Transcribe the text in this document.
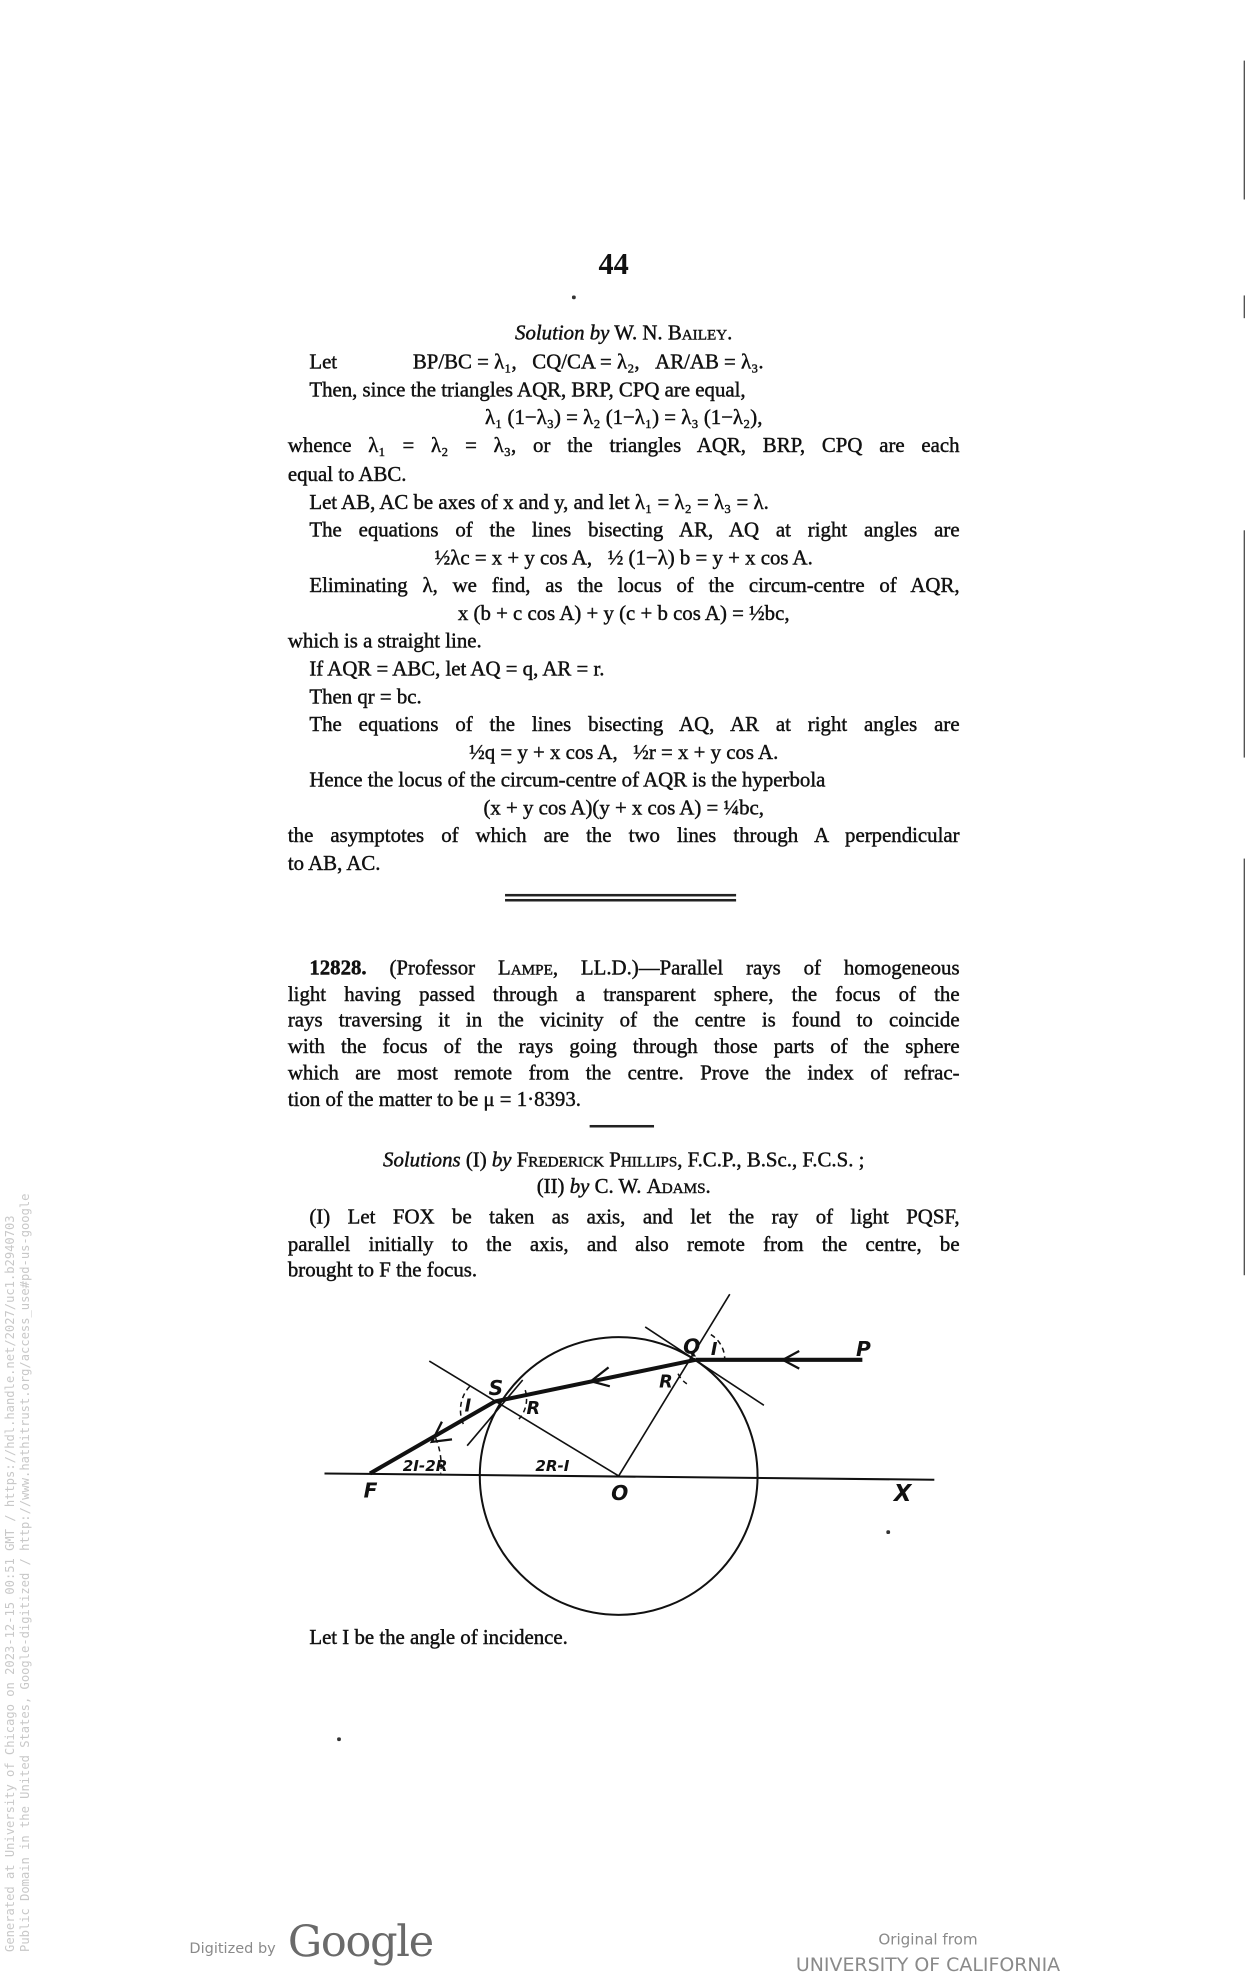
44
Solution by W. N. Bailey.
Let	BP/BC = λ₁,   CQ/CA = λ₂,   AR/AB = λ₃.
Then, since the triangles AQR, BRP, CPQ are equal,
λ₁ (1−λ₃) = λ₂ (1−λ₁) = λ₃ (1−λ₂),
whence λ₁ = λ₂ = λ₃, or the triangles AQR, BRP, CPQ are each
equal to ABC.
Let AB, AC be axes of x and y, and let λ₁ = λ₂ = λ₃ = λ.
The equations of the lines bisecting AR, AQ at right angles are
½λc = x + y cos A,   ½ (1−λ) b = y + x cos A.
Eliminating λ, we find, as the locus of the circum-centre of AQR,
x (b + c cos A) + y (c + b cos A) = ½bc,
which is a straight line.
If AQR = ABC, let AQ = q, AR = r.
Then qr = bc.
The equations of the lines bisecting AQ, AR at right angles are
½q = y + x cos A,   ½r = x + y cos A.
Hence the locus of the circum-centre of AQR is the hyperbola
(x + y cos A)(y + x cos A) = ¼bc,
the asymptotes of which are the two lines through A perpendicular
to AB, AC.
12828. (Professor Lampe, LL.D.)—Parallel rays of homogeneous
light having passed through a transparent sphere, the focus of the
rays traversing it in the vicinity of the centre is found to coincide
with the focus of the rays going through those parts of the sphere
which are most remote from the centre. Prove the index of refrac-
tion of the matter to be μ = 1·8393.
Solutions (I) by Frederick Phillips, F.C.P., B.Sc., F.C.S. ;
(II) by C. W. Adams.
(I) Let FOX be taken as axis, and let the ray of light PQSF,
parallel initially to the axis, and also remote from the centre, be
brought to F the focus.
Q I	P
S
I	R
R
2I-2R	2R-I
F	O	X
Let I be the angle of incidence.
Generated at University of Chicago on 2023-12-15 00:51 GMT / https://hdl.handle.net/2027/uc1.b2940703 Public Domain in the United States, Google-digitized / http://www.hathitrust.org/access_use#pd-us-google	Digitized by Google	Original from
UNIVERSITY OF CALIFORNIA
